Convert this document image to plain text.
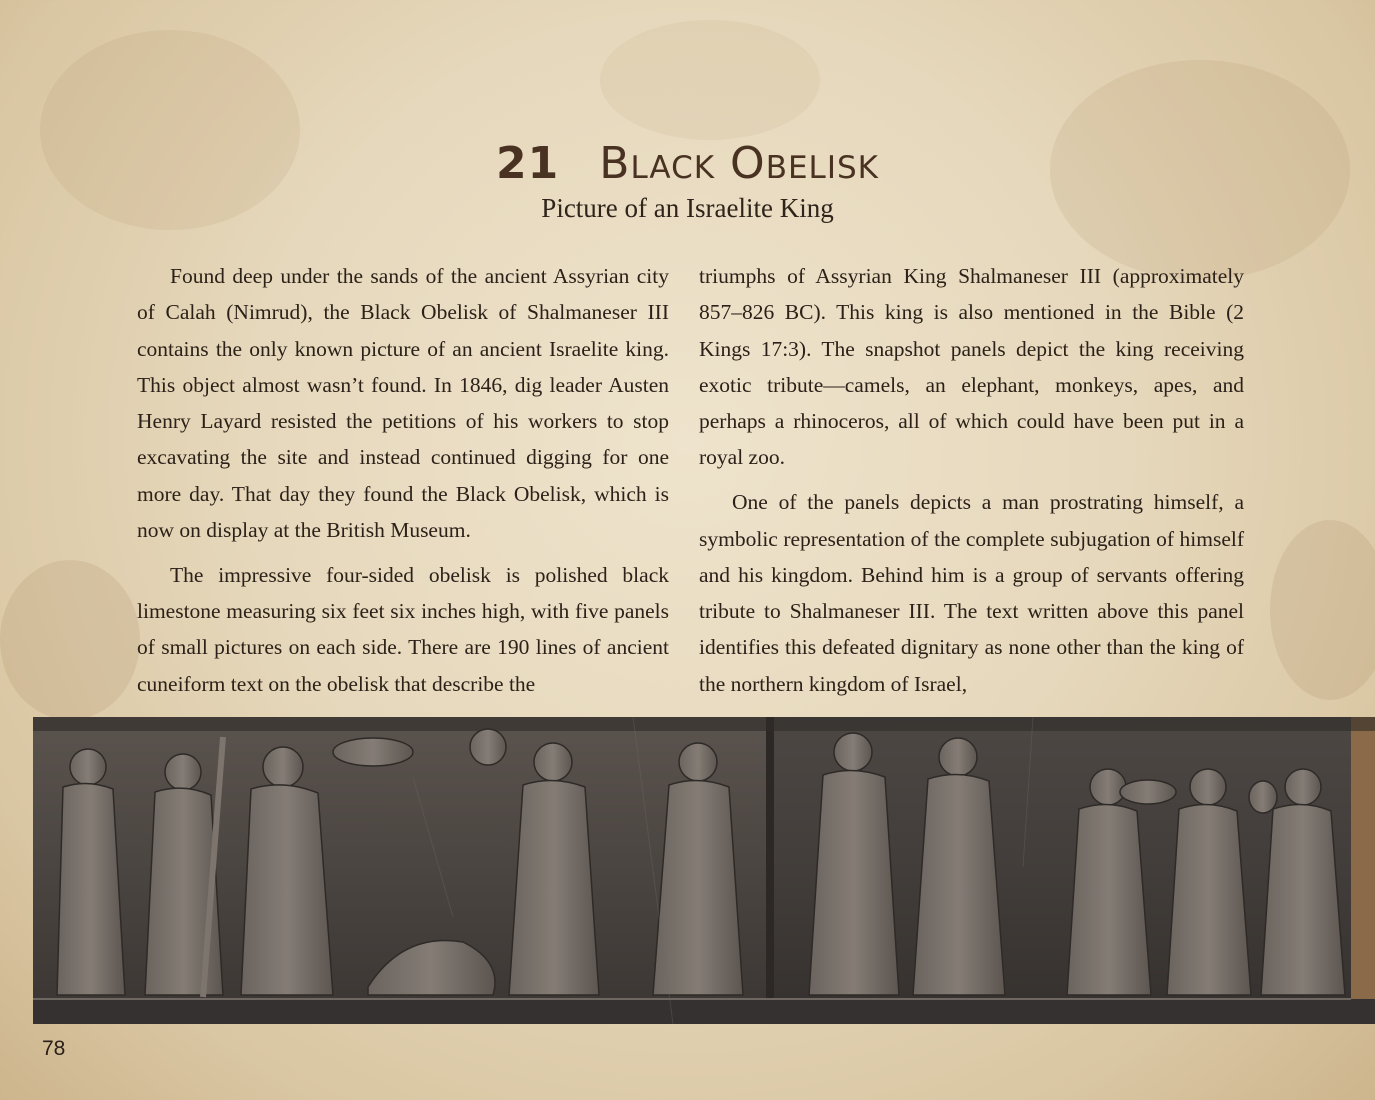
21 Black Obelisk
Picture of an Israelite King

Found deep under the sands of the ancient Assyrian city of Calah (Nimrud), the Black Obelisk of Shalmaneser III contains the only known picture of an ancient Israelite king. This object almost wasn’t found. In 1846, dig leader Austen Henry Layard resisted the petitions of his workers to stop excavating the site and instead continued digging for one more day. That day they found the Black Obelisk, which is now on display at the British Museum.

The impressive four-sided obelisk is polished black limestone measuring six feet six inches high, with five panels of small pictures on each side. There are 190 lines of ancient cuneiform text on the obelisk that describe the

triumphs of Assyrian King Shalmaneser III (approximately 857–826 BC). This king is also mentioned in the Bible (2 Kings 17:3). The snapshot panels depict the king receiving exotic tribute—camels, an elephant, monkeys, apes, and perhaps a rhinoceros, all of which could have been put in a royal zoo.

One of the panels depicts a man prostrating himself, a symbolic representation of the complete subjugation of himself and his kingdom. Behind him is a group of servants offering tribute to Shalmaneser III. The text written above this panel identifies this defeated dignitary as none other than the king of the northern kingdom of Israel,

78
